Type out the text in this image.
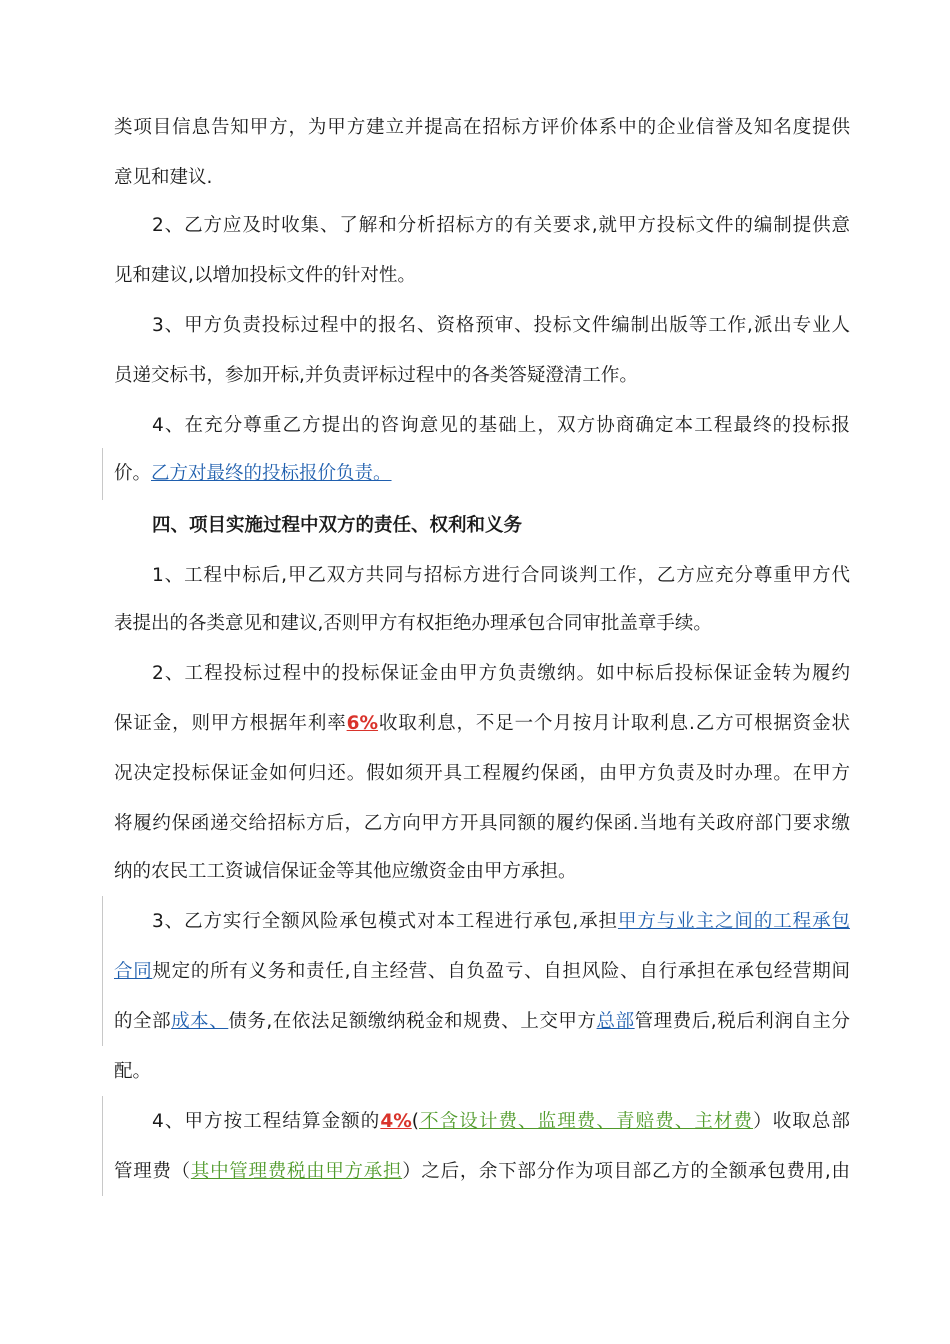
类项目信息告知甲方，为甲方建立并提高在招标方评价体系中的企业信誉及知名度提供
意见和建议.
2、乙方应及时收集、了解和分析招标方的有关要求,就甲方投标文件的编制提供意
见和建议,以增加投标文件的针对性。
3、甲方负责投标过程中的报名、资格预审、投标文件编制出版等工作,派出专业人
员递交标书，参加开标,并负责评标过程中的各类答疑澄清工作。
4、在充分尊重乙方提出的咨询意见的基础上，双方协商确定本工程最终的投标报
价。乙方对最终的投标报价负责。
四、项目实施过程中双方的责任、权利和义务
1、工程中标后,甲乙双方共同与招标方进行合同谈判工作，乙方应充分尊重甲方代
表提出的各类意见和建议,否则甲方有权拒绝办理承包合同审批盖章手续。
2、工程投标过程中的投标保证金由甲方负责缴纳。如中标后投标保证金转为履约
保证金，则甲方根据年利率6%收取利息，不足一个月按月计取利息.乙方可根据资金状
况决定投标保证金如何归还。假如须开具工程履约保函，由甲方负责及时办理。在甲方
将履约保函递交给招标方后，乙方向甲方开具同额的履约保函.当地有关政府部门要求缴
纳的农民工工资诚信保证金等其他应缴资金由甲方承担。
3、乙方实行全额风险承包模式对本工程进行承包,承担甲方与业主之间的工程承包
合同规定的所有义务和责任,自主经营、自负盈亏、自担风险、自行承担在承包经营期间
的全部成本、债务,在依法足额缴纳税金和规费、上交甲方总部管理费后,税后利润自主分
配。
4、甲方按工程结算金额的4%(不含设计费、监理费、青赔费、主材费）收取总部
管理费（其中管理费税由甲方承担）之后，余下部分作为项目部乙方的全额承包费用,由
